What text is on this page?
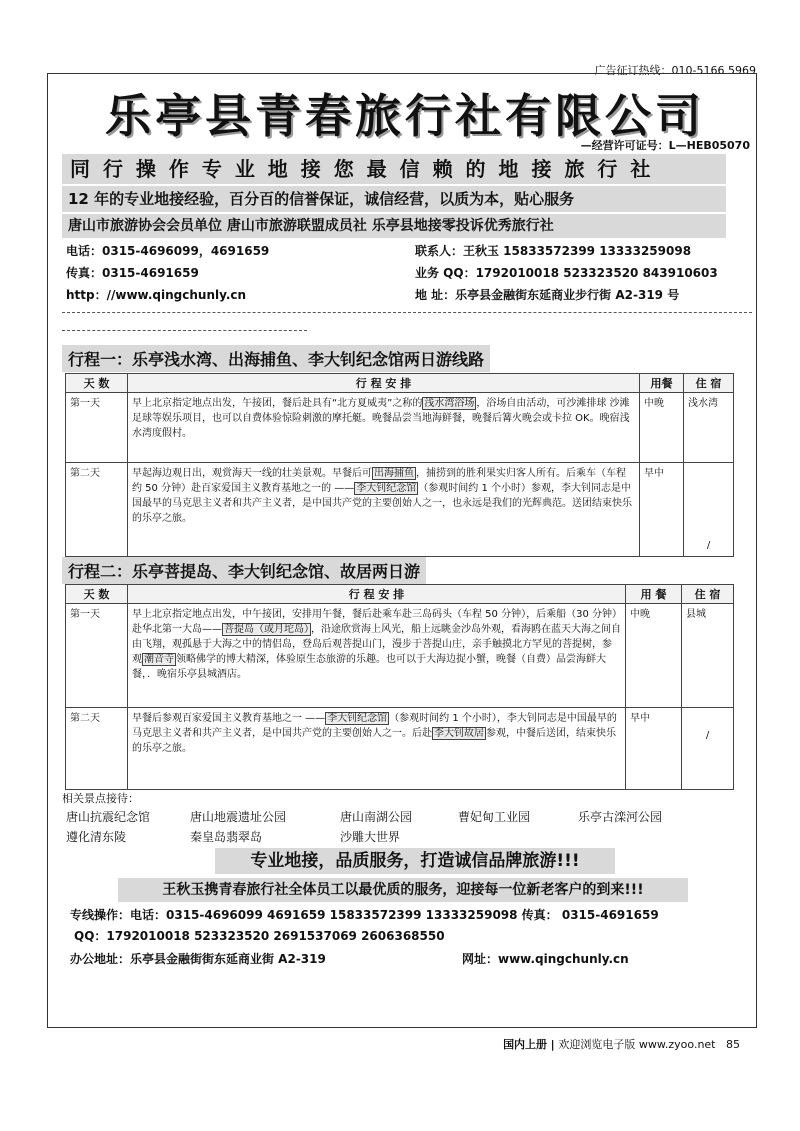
广告征订热线：010-5166 5969
乐亭县青春旅行社有限公司
—经营许可证号：L—HEB05070
同 行 操 作 专 业 地 接 您 最 信 赖 的 地 接 旅 行 社
12 年的专业地接经验，百分百的信誉保证，诚信经营，以质为本，贴心服务
唐山市旅游协会会员单位 唐山市旅游联盟成员社 乐亭县地接零投诉优秀旅行社
电话：0315-4696099，4691659	联系人：王秋玉 15833572399 13333259098
传真：0315-4691659	业务 QQ：1792010018 523323520 843910603
http：//www.qingchunly.cn	地 址：乐亭县金融街东延商业步行街 A2-319 号
行程一：乐亭浅水湾、出海捕鱼、李大钊纪念馆两日游线路
天 数	行 程 安 排	用餐	住 宿
第一天	早上北京指定地点出发，午接团，餐后赴具有“北方夏威夷”之称的 浅水湾浴场 ，浴场自由活动，可沙滩排球 沙滩足球等娱乐项目，也可以自费体验惊险刺激的摩托艇。晚餐品尝当地海鲜餐，晚餐后篝火晚会或卡拉 OK。晚宿浅水湾度假村。	中晚	浅水湾
第二天	早起海边观日出，观赏海天一线的壮美景观。早餐后可 出海捕鱼 ，捕捞到的胜利果实归客人所有。后乘车（车程约 50 分钟）赴百家爱国主义教育基地之一的 —— 李大钊纪念馆 （参观时间约 1 个小时）参观，李大钊同志是中国最早的马克思主义者和共产主义者，是中国共产党的主要创始人之一，也永远是我们的光辉典范。送团结束快乐的乐亭之旅。	早中	/
行程二：乐亭菩提岛、李大钊纪念馆、故居两日游
天 数	行 程 安 排	用 餐	住 宿
第一天	早上北京指定地点出发，中午接团，安排用午餐，餐后赴乘车赴三岛码头（车程 50 分钟），后乘船（30 分钟）赴华北第一大岛—— 菩提岛（或月坨岛） ，沿途欣赏海上风光，船上远眺金沙岛外观，看海鸥在蓝天大海之间自由飞翔，观孤悬于大海之中的情侣岛，登岛后观菩提山门，漫步于菩提山庄，亲手触摸北方罕见的菩提树，参观 潮音寺 领略佛学的博大精深，体验原生态旅游的乐趣。也可以于大海边捉小蟹，晚餐（自费）品尝海鲜大餐，．晚宿乐亭县城酒店。	中晚	县城
第二天	早餐后参观百家爱国主义教育基地之一 —— 李大钊纪念馆 （参观时间约 1 个小时），李大钊同志是中国最早的马克思主义者和共产主义者，是中国共产党的主要创始人之一。后赴 李大钊故居 参观，中餐后送团，结束快乐的乐亭之旅。	早中	/
相关景点接待：
唐山抗震纪念馆	唐山地震遗址公园	唐山南湖公园	曹妃甸工业园	乐亭古滦河公园
遵化清东陵	秦皇岛翡翠岛	沙雕大世界
专业地接，品质服务，打造诚信品牌旅游!!!
王秋玉携青春旅行社全体员工以最优质的服务，迎接每一位新老客户的到来!!!
专线操作：电话：0315-4696099 4691659 15833572399 13333259098 传真： 0315-4691659
QQ：1792010018 523323520 2691537069 2606368550
办公地址：乐亭县金融街街东延商业街 A2-319	网址：www.qingchunly.cn
国内上册 | 欢迎浏览电子版 www.zyoo.net 85
